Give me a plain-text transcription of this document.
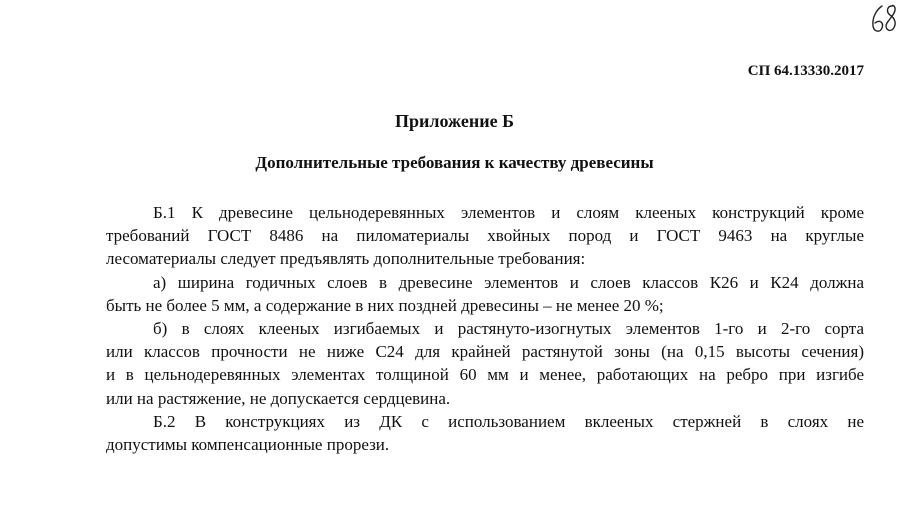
СП 64.13330.2017
Приложение Б
Дополнительные требования к качеству древесины
Б.1 К древесине цельнодеревянных элементов и слоям клееных конструкций кроме
требований ГОСТ 8486 на пиломатериалы хвойных пород и ГОСТ 9463 на круглые
лесоматериалы следует предъявлять дополнительные требования:
а) ширина годичных слоев в древесине элементов и слоев классов К26 и К24 должна
быть не более 5 мм, а содержание в них поздней древесины – не менее 20 %;
б) в слоях клееных изгибаемых и растянуто-изогнутых элементов 1-го и 2-го сорта
или классов прочности не ниже С24 для крайней растянутой зоны (на 0,15 высоты сечения)
и в цельнодеревянных элементах толщиной 60 мм и менее, работающих на ребро при изгибе
или на растяжение, не допускается сердцевина.
Б.2 В конструкциях из ДК с использованием вклееных стержней в слоях не
допустимы компенсационные прорези.
